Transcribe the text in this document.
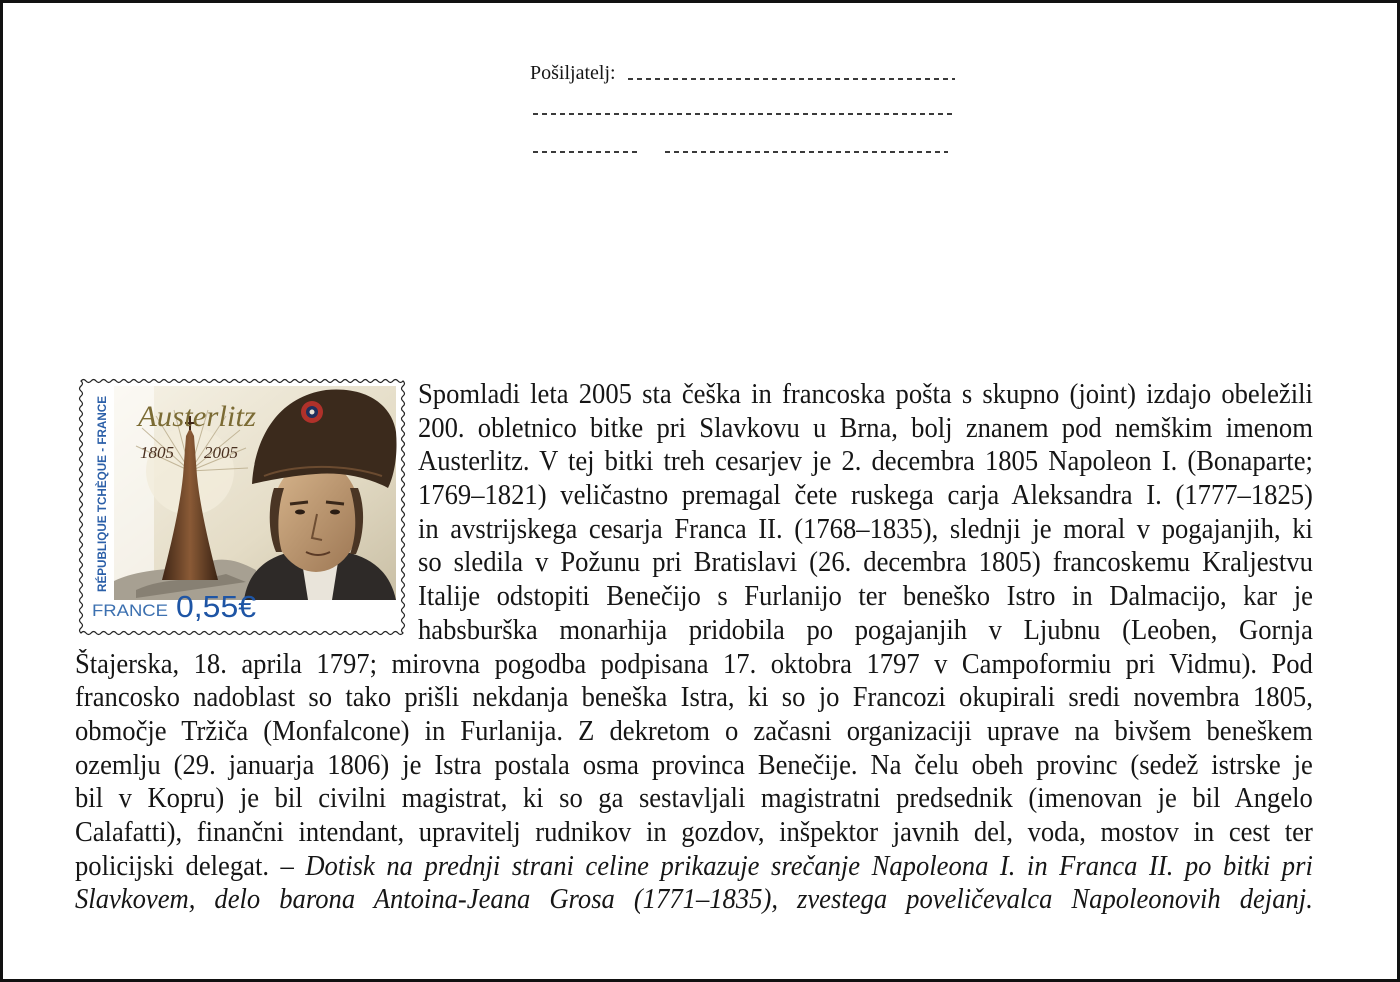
Pošiljatelj:
RÉPUBLIQUE TCHÈQUE - FRANCE Austerlitz
1805 2005
FRANCE 0,55€
Spomladi leta 2005 sta češka in francoska pošta s skupno (joint) izdajo obeležili
200. obletnico bitke pri Slavkovu u Brna, bolj znanem pod nemškim imenom
Austerlitz. V tej bitki treh cesarjev je 2. decembra 1805 Napoleon I. (Bonaparte;
1769–1821) veličastno premagal čete ruskega carja Aleksandra I. (1777–1825)
in avstrijskega cesarja Franca II. (1768–1835), slednji je moral v pogajanjih, ki
so sledila v Požunu pri Bratislavi (26. decembra 1805) francoskemu Kraljestvu
Italije odstopiti Benečijo s Furlanijo ter beneško Istro in Dalmacijo, kar je
habsburška monarhija pridobila po pogajanjih v Ljubnu (Leoben, Gornja
Štajerska, 18. aprila 1797; mirovna pogodba podpisana 17. oktobra 1797 v Campoformiu pri Vidmu). Pod
francosko nadoblast so tako prišli nekdanja beneška Istra, ki so jo Francozi okupirali sredi novembra 1805,
območje Tržiča (Monfalcone) in Furlanija. Z dekretom o začasni organizaciji uprave na bivšem beneškem
ozemlju (29. januarja 1806) je Istra postala osma provinca Benečije. Na čelu obeh provinc (sedež istrske je
bil v Kopru) je bil civilni magistrat, ki so ga sestavljali magistratni predsednik (imenovan je bil Angelo
Calafatti), finančni intendant, upravitelj rudnikov in gozdov, inšpektor javnih del, voda, mostov in cest ter
policijski delegat. – Dotisk na prednji strani celine prikazuje srečanje Napoleona I. in Franca II. po bitki pri
Slavkovem, delo barona Antoina-Jeana Grosa (1771–1835), zvestega poveličevalca Napoleonovih dejanj.
